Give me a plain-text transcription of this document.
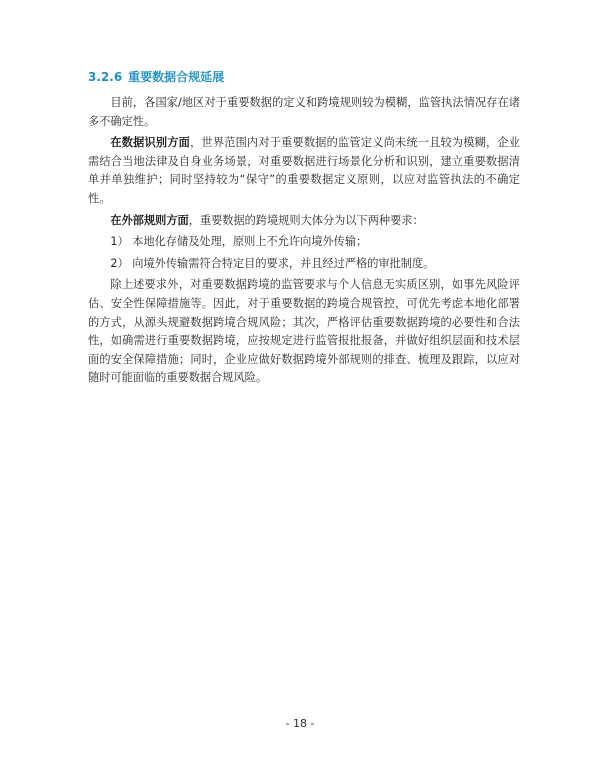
3.2.6 重要数据合规延展

目前，各国家/地区对于重要数据的定义和跨境规则较为模糊，监管执法情况存在诸多不确定性。

在数据识别方面，世界范围内对于重要数据的监管定义尚未统一且较为模糊，企业需结合当地法律及自身业务场景，对重要数据进行场景化分析和识别，建立重要数据清单并单独维护；同时坚持较为“保守”的重要数据定义原则，以应对监管执法的不确定性。

在外部规则方面，重要数据的跨境规则大体分为以下两种要求：

1） 本地化存储及处理，原则上不允许向境外传输；

2） 向境外传输需符合特定目的要求，并且经过严格的审批制度。

除上述要求外，对重要数据跨境的监管要求与个人信息无实质区别，如事先风险评估、安全性保障措施等。因此，对于重要数据的跨境合规管控，可优先考虑本地化部署的方式，从源头规避数据跨境合规风险；其次，严格评估重要数据跨境的必要性和合法性，如确需进行重要数据跨境，应按规定进行监管报批报备，并做好组织层面和技术层面的安全保障措施；同时，企业应做好数据跨境外部规则的排查、梳理及跟踪，以应对随时可能面临的重要数据合规风险。

- 18 -
